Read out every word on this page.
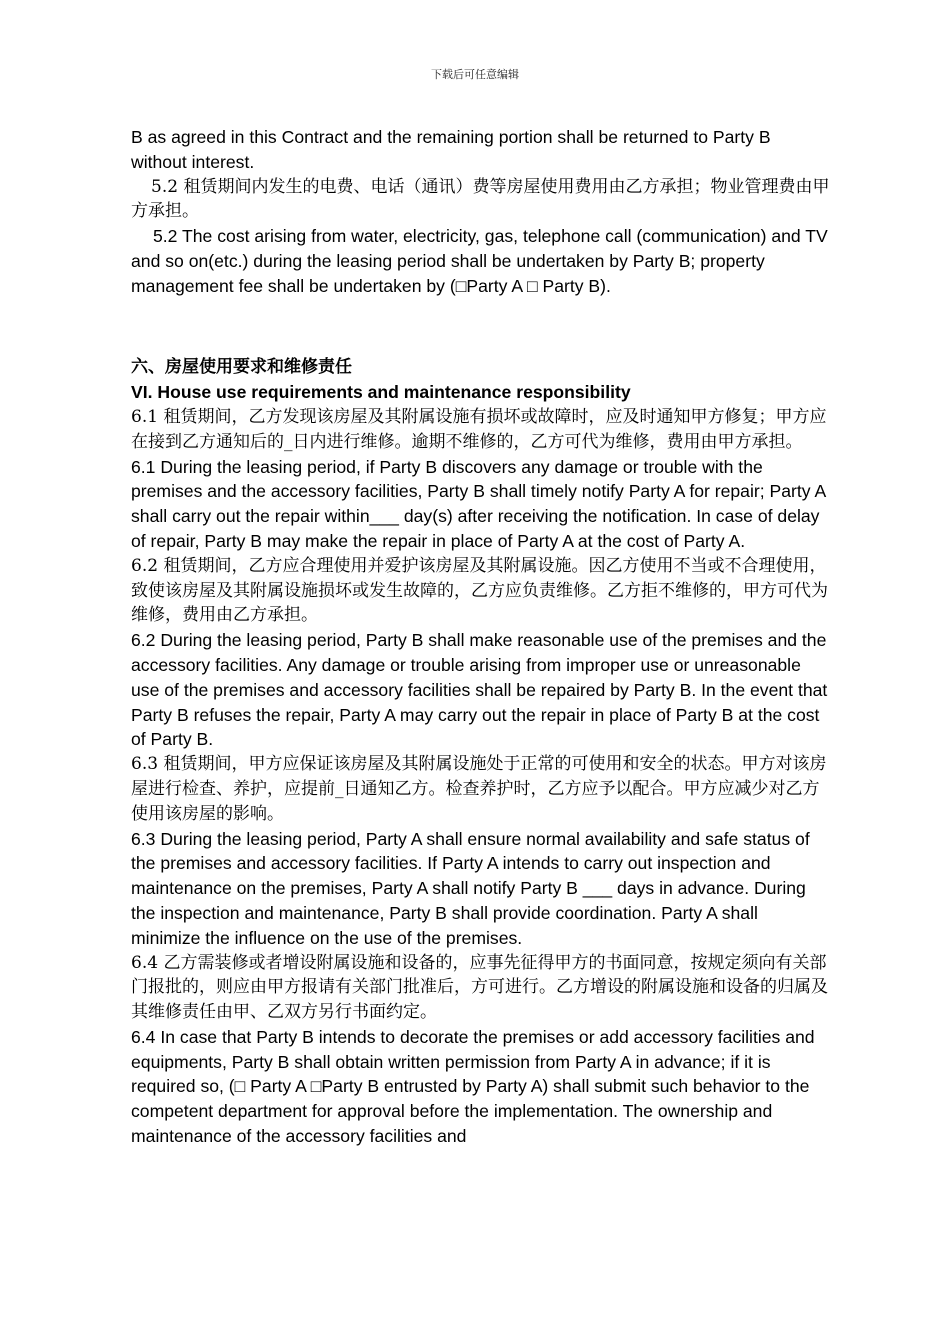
下载后可任意编辑

B as agreed in this Contract and the remaining portion shall be returned to Party B without interest.

5.2 租赁期间内发生的电费、电话（通讯）费等房屋使用费用由乙方承担；物业管理费由甲方承担。

5.2 The cost arising from water, electricity, gas, telephone call (communication) and TV and so on(etc.) during the leasing period shall be undertaken by Party B; property management fee shall be undertaken by (□Party A □ Party B).

六、房屋使用要求和维修责任

VI. House use requirements and maintenance responsibility

6.1 租赁期间，乙方发现该房屋及其附属设施有损坏或故障时，应及时通知甲方修复；甲方应在接到乙方通知后的_日内进行维修。逾期不维修的，乙方可代为维修，费用由甲方承担。

6.1 During the leasing period, if Party B discovers any damage or trouble with the premises and the accessory facilities, Party B shall timely notify Party A for repair; Party A shall carry out the repair within___ day(s) after receiving the notification. In case of delay of repair, Party B may make the repair in place of Party A at the cost of Party A.

6.2 租赁期间，乙方应合理使用并爱护该房屋及其附属设施。因乙方使用不当或不合理使用，致使该房屋及其附属设施损坏或发生故障的，乙方应负责维修。乙方拒不维修的，甲方可代为维修，费用由乙方承担。

6.2 During the leasing period, Party B shall make reasonable use of the premises and the accessory facilities. Any damage or trouble arising from improper use or unreasonable use of the premises and accessory facilities shall be repaired by Party B. In the event that Party B refuses the repair, Party A may carry out the repair in place of Party B at the cost of Party B.

6.3 租赁期间，甲方应保证该房屋及其附属设施处于正常的可使用和安全的状态。甲方对该房屋进行检查、养护，应提前_日通知乙方。检查养护时，乙方应予以配合。甲方应减少对乙方使用该房屋的影响。

6.3 During the leasing period, Party A shall ensure normal availability and safe status of the premises and accessory facilities. If Party A intends to carry out inspection and maintenance on the premises, Party A shall notify Party B ___ days in advance. During the inspection and maintenance, Party B shall provide coordination. Party A shall minimize the influence on the use of the premises.

6.4 乙方需装修或者增设附属设施和设备的，应事先征得甲方的书面同意，按规定须向有关部门报批的，则应由甲方报请有关部门批准后，方可进行。乙方增设的附属设施和设备的归属及其维修责任由甲、乙双方另行书面约定。

6.4 In case that Party B intends to decorate the premises or add accessory facilities and equipments, Party B shall obtain written permission from Party A in advance; if it is required so, (□ Party A □Party B entrusted by Party A) shall submit such behavior to the competent department for approval before the implementation. The ownership and maintenance of the accessory facilities and
